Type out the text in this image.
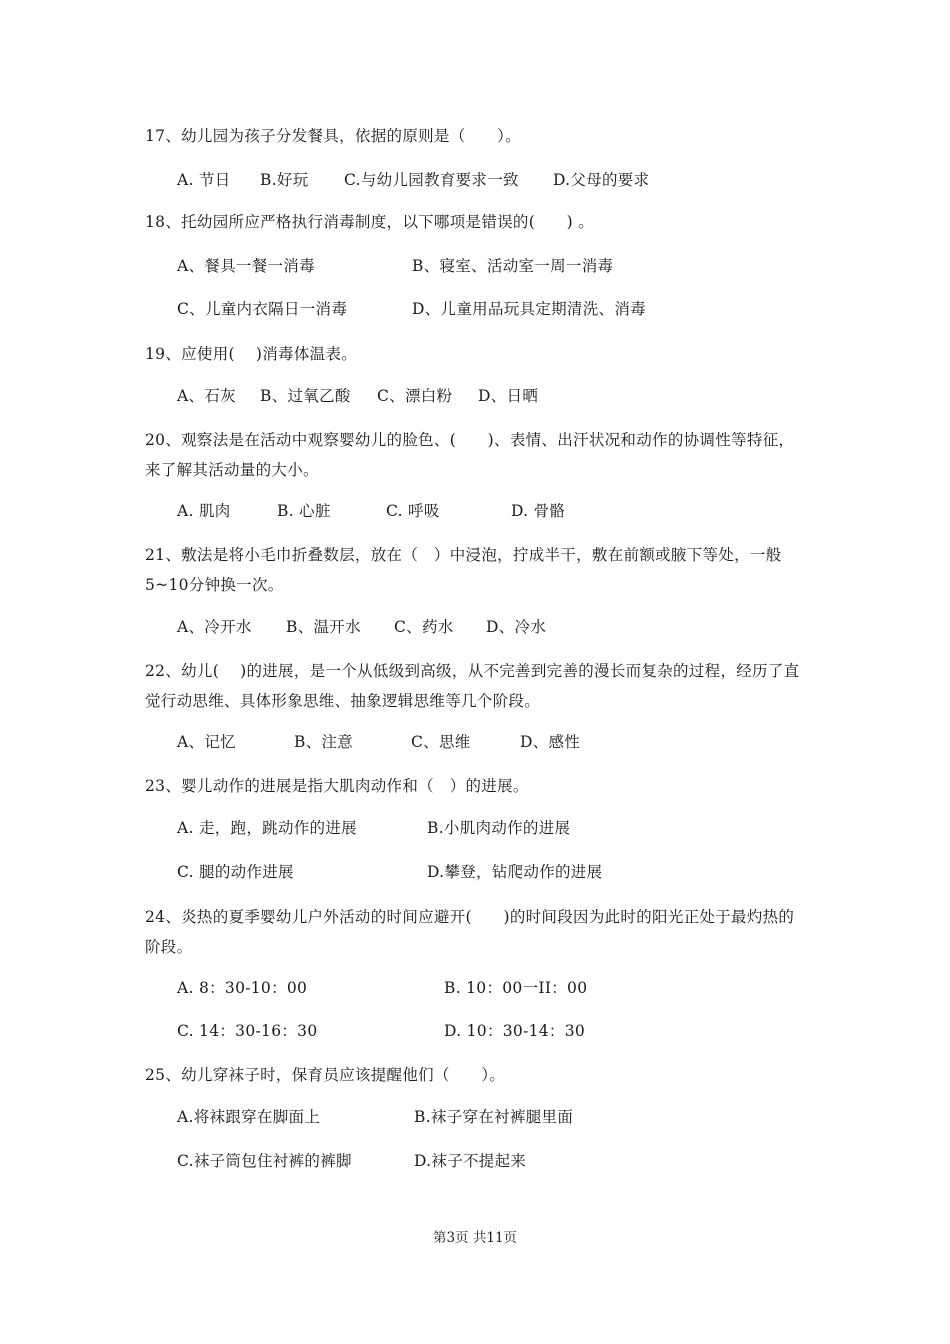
17、幼儿园为孩子分发餐具，依据的原则是（　　）。
A. 节日 B.好玩 C.与幼儿园教育要求一致 D.父母的要求
18、托幼园所应严格执行消毒制度，以下哪项是错误的(　　) 。
A、餐具一餐一消毒	B、寝室、活动室一周一消毒
C、儿童内衣隔日一消毒	D、儿童用品玩具定期清洗、消毒
19、应使用(　 )消毒体温表。
A、石灰 B、过氧乙酸 C、漂白粉 D、日晒
20、观察法是在活动中观察婴幼儿的脸色、(　　)、表情、出汗状况和动作的协调性等特征，来了解其活动量的大小。
A. 肌肉	B. 心脏	C. 呼吸	D. 骨骼
21、敷法是将小毛巾折叠数层，放在（　）中浸泡，拧成半干，敷在前额或腋下等处，一般5~10分钟换一次。
A、冷开水 B、温开水 C、药水 D、冷水
22、幼儿(　 )的进展，是一个从低级到高级，从不完善到完善的漫长而复杂的过程，经历了直觉行动思维、具体形象思维、抽象逻辑思维等几个阶段。
A、记忆	B、注意	C、思维	D、感性
23、婴儿动作的进展是指大肌肉动作和（　）的进展。
A. 走，跑，跳动作的进展	B.小肌肉动作的进展
C. 腿的动作进展	D.攀登，钻爬动作的进展
24、炎热的夏季婴幼儿户外活动的时间应避开(　　)的时间段因为此时的阳光正处于最灼热的阶段。
A. 8：30-10：00	B. 10：00一II：00
C. 14：30-16：30	D. 10：30-14：30
25、幼儿穿袜子时，保育员应该提醒他们（　　）。
A.将袜跟穿在脚面上	B.袜子穿在衬裤腿里面
C.袜子筒包住衬裤的裤脚	D.袜子不提起来
第3页 共11页
